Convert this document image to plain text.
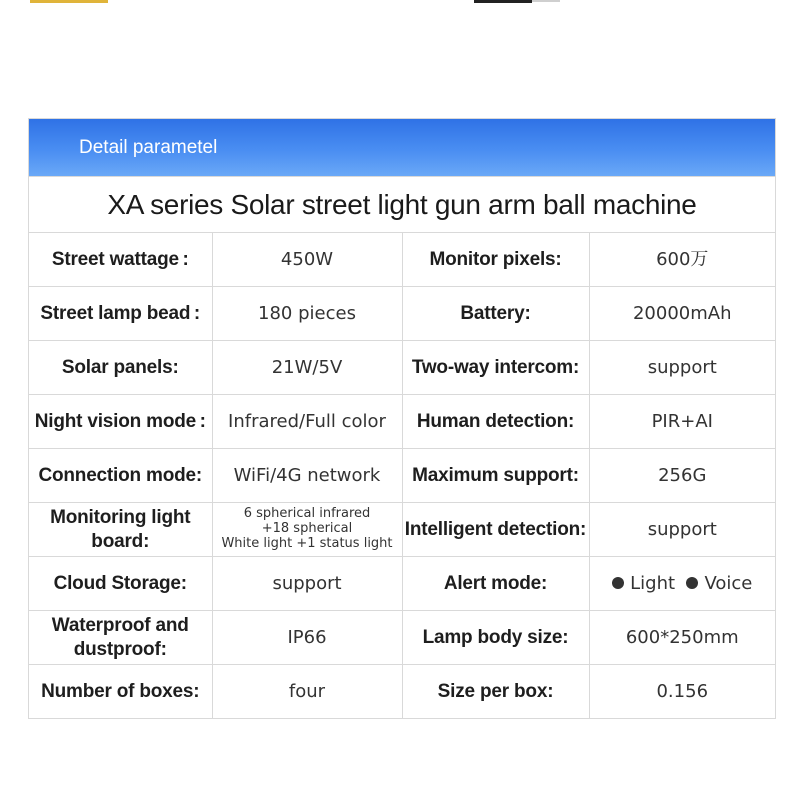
Detail parametel
XA series Solar street light gun arm ball machine
Street wattage :	450W	Monitor pixels:	600万
Street lamp bead :	180 pieces	Battery:	20000mAh
Solar panels:	21W/5V	Two-way intercom:	support
Night vision mode :	Infrared/Full color	Human detection:	PIR+AI
Connection mode:	WiFi/4G network	Maximum support:	256G
Monitoring light board:	6 spherical infrared
+18 spherical
White light +1 status light	Intelligent detection:	support
Cloud Storage:	support	Alert mode:	Light Voice
Waterproof and dustproof:	IP66	Lamp body size:	600*250mm
Number of boxes:	four	Size per box:	0.156
